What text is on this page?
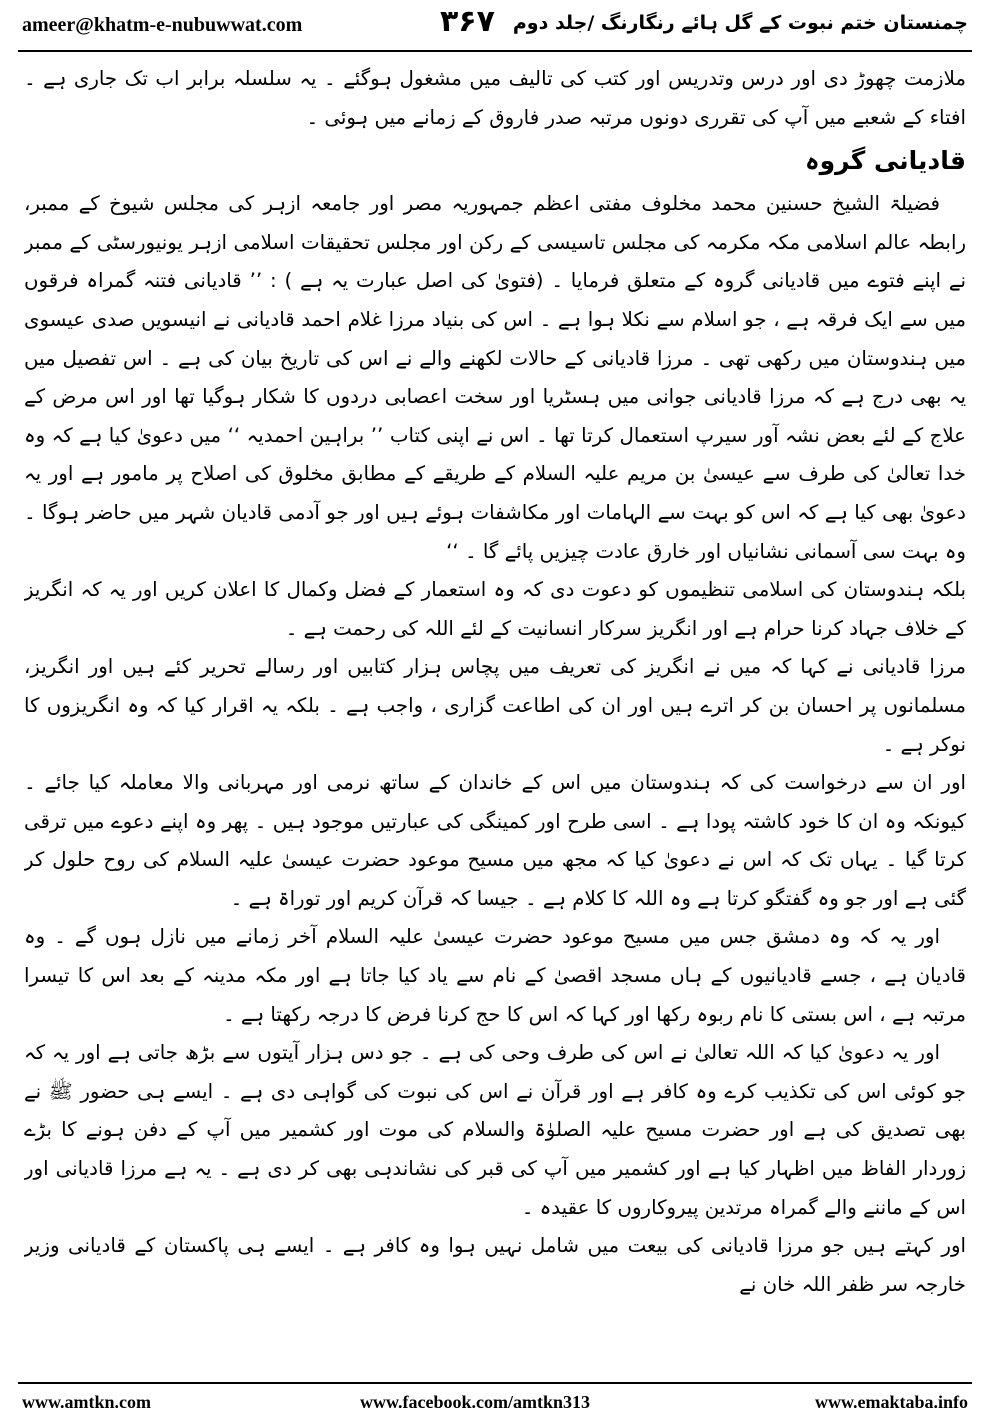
ameer@khatm-e-nubuwwat.com	۳۶۷ چمنستان ختم نبوت کے گل ہائے رنگارنگ /جلد دوم

ملازمت چھوڑ دی اور درس وتدریس اور کتب کی تالیف میں مشغول ہوگئے ۔ یہ سلسلہ برابر اب تک جاری ہے ۔ افتاء کے شعبے میں آپ کی تقرری دونوں مرتبہ صدر فاروق کے زمانے میں ہوئی ۔

قادیانی گروہ

فضیلۃ الشیخ حسنین محمد مخلوف مفتی اعظم جمہوریہ مصر اور جامعہ ازہر کی مجلس شیوخ کے ممبر، رابطہ عالم اسلامی مکہ مکرمہ کی مجلس تاسیسی کے رکن اور مجلس تحقیقات اسلامی ازہر یونیورسٹی کے ممبر نے اپنے فتوے میں قادیانی گروہ کے متعلق فرمایا ۔ (فتویٰ کی اصل عبارت یہ ہے ) : ’’ قادیانی فتنہ گمراہ فرقوں میں سے ایک فرقہ ہے ، جو اسلام سے نکلا ہوا ہے ۔ اس کی بنیاد مرزا غلام احمد قادیانی نے انیسویں صدی عیسوی میں ہندوستان میں رکھی تھی ۔ مرزا قادیانی کے حالات لکھنے والے نے اس کی تاریخ بیان کی ہے ۔ اس تفصیل میں یہ بھی درج ہے کہ مرزا قادیانی جوانی میں ہسٹریا اور سخت اعصابی دردوں کا شکار ہوگیا تھا اور اس مرض کے علاج کے لئے بعض نشہ آور سیرپ استعمال کرتا تھا ۔ اس نے اپنی کتاب ’’ براہین احمدیہ ‘‘ میں دعویٰ کیا ہے کہ وہ خدا تعالیٰ کی طرف سے عیسیٰ بن مریم علیہ السلام کے طریقے کے مطابق مخلوق کی اصلاح پر مامور ہے اور یہ دعویٰ بھی کیا ہے کہ اس کو بہت سے الہامات اور مکاشفات ہوئے ہیں اور جو آدمی قادیان شہر میں حاضر ہوگا ۔ وہ بہت سی آسمانی نشانیاں اور خارق عادت چیزیں پائے گا ۔ ‘‘

بلکہ ہندوستان کی اسلامی تنظیموں کو دعوت دی کہ وہ استعمار کے فضل وکمال کا اعلان کریں اور یہ کہ انگریز کے خلاف جہاد کرنا حرام ہے اور انگریز سرکار انسانیت کے لئے اللہ کی رحمت ہے ۔

مرزا قادیانی نے کہا کہ میں نے انگریز کی تعریف میں پچاس ہزار کتابیں اور رسالے تحریر کئے ہیں اور انگریز، مسلمانوں پر احسان بن کر اترے ہیں اور ان کی اطاعت گزاری ، واجب ہے ۔ بلکہ یہ اقرار کیا کہ وہ انگریزوں کا نوکر ہے ۔

اور ان سے درخواست کی کہ ہندوستان میں اس کے خاندان کے ساتھ نرمی اور مہربانی والا معاملہ کیا جائے ۔ کیونکہ وہ ان کا خود کاشتہ پودا ہے ۔ اسی طرح اور کمینگی کی عبارتیں موجود ہیں ۔ پھر وہ اپنے دعوے میں ترقی کرتا گیا ۔ یہاں تک کہ اس نے دعویٰ کیا کہ مجھ میں مسیح موعود حضرت عیسیٰ علیہ السلام کی روح حلول کر گئی ہے اور جو وہ گفتگو کرتا ہے وہ اللہ کا کلام ہے ۔ جیسا کہ قرآن کریم اور توراۃ ہے ۔

اور یہ کہ وہ دمشق جس میں مسیح موعود حضرت عیسیٰ علیہ السلام آخر زمانے میں نازل ہوں گے ۔ وہ قادیان ہے ، جسے قادیانیوں کے ہاں مسجد اقصیٰ کے نام سے یاد کیا جاتا ہے اور مکہ مدینہ کے بعد اس کا تیسرا مرتبہ ہے ، اس بستی کا نام ربوہ رکھا اور کہا کہ اس کا حج کرنا فرض کا درجہ رکھتا ہے ۔

اور یہ دعویٰ کیا کہ اللہ تعالیٰ نے اس کی طرف وحی کی ہے ۔ جو دس ہزار آیتوں سے بڑھ جاتی ہے اور یہ کہ جو کوئی اس کی تکذیب کرے وہ کافر ہے اور قرآن نے اس کی نبوت کی گواہی دی ہے ۔ ایسے ہی حضور ﷺ نے بھی تصدیق کی ہے اور حضرت مسیح علیہ الصلوٰۃ والسلام کی موت اور کشمیر میں آپ کے دفن ہونے کا بڑے زوردار الفاظ میں اظہار کیا ہے اور کشمیر میں آپ کی قبر کی نشاندہی بھی کر دی ہے ۔ یہ ہے مرزا قادیانی اور اس کے ماننے والے گمراہ مرتدین پیروکاروں کا عقیدہ ۔

اور کہتے ہیں جو مرزا قادیانی کی بیعت میں شامل نہیں ہوا وہ کافر ہے ۔ ایسے ہی پاکستان کے قادیانی وزیر خارجہ سر ظفر اللہ خان نے

www.amtkn.com	www.facebook.com/amtkn313	www.emaktaba.info
